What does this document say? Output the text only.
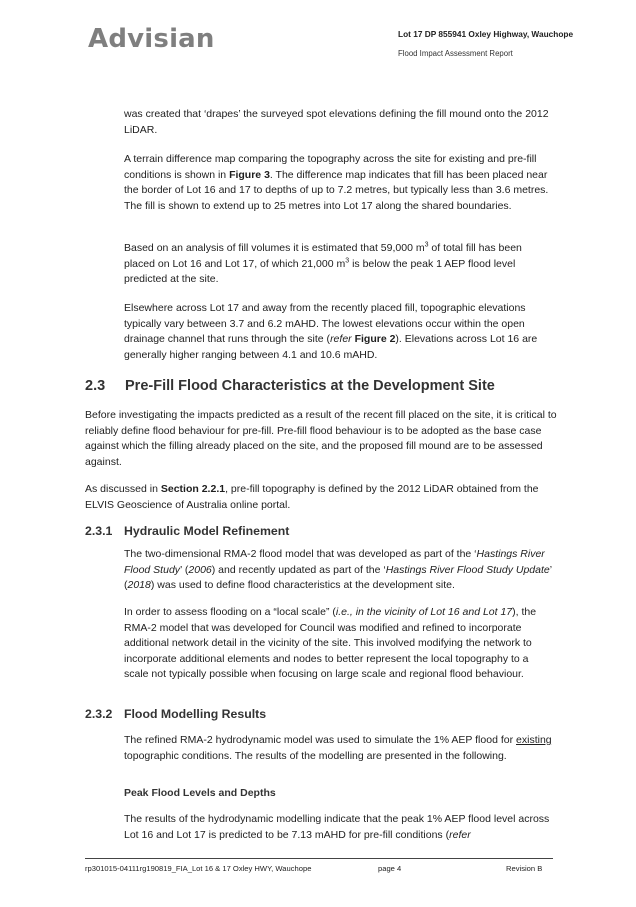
Advisian	Lot 17 DP 855941 Oxley Highway, Wauchope
Flood Impact Assessment Report

was created that ‘drapes’ the surveyed spot elevations defining the fill mound onto the 2012 LiDAR.

A terrain difference map comparing the topography across the site for existing and pre-fill conditions is shown in Figure 3. The difference map indicates that fill has been placed near the border of Lot 16 and 17 to depths of up to 7.2 metres, but typically less than 3.6 metres. The fill is shown to extend up to 25 metres into Lot 17 along the shared boundaries.

Based on an analysis of fill volumes it is estimated that 59,000 $m^3$ of total fill has been placed on Lot 16 and Lot 17, of which 21,000 $m^3$ is below the peak 1 AEP flood level predicted at the site.

Elsewhere across Lot 17 and away from the recently placed fill, topographic elevations typically vary between 3.7 and 6.2 mAHD. The lowest elevations occur within the open drainage channel that runs through the site (refer Figure 2). Elevations across Lot 16 are generally higher ranging between 4.1 and 10.6 mAHD.

2.3 Pre-Fill Flood Characteristics at the Development Site

Before investigating the impacts predicted as a result of the recent fill placed on the site, it is critical to reliably define flood behaviour for pre-fill. Pre-fill flood behaviour is to be adopted as the base case against which the filling already placed on the site, and the proposed fill mound are to be assessed against.

As discussed in Section 2.2.1, pre-fill topography is defined by the 2012 LiDAR obtained from the ELVIS Geoscience of Australia online portal.

2.3.1 Hydraulic Model Refinement

The two-dimensional RMA-2 flood model that was developed as part of the ‘Hastings River Flood Study’ (2006) and recently updated as part of the ‘Hastings River Flood Study Update’ (2018) was used to define flood characteristics at the development site.

In order to assess flooding on a “local scale” (i.e., in the vicinity of Lot 16 and Lot 17), the RMA-2 model that was developed for Council was modified and refined to incorporate additional network detail in the vicinity of the site. This involved modifying the network to incorporate additional elements and nodes to better represent the local topography to a scale not typically possible when focusing on large scale and regional flood behaviour.

2.3.2 Flood Modelling Results

The refined RMA-2 hydrodynamic model was used to simulate the 1% AEP flood for existing topographic conditions. The results of the modelling are presented in the following.

Peak Flood Levels and Depths

The results of the hydrodynamic modelling indicate that the peak 1% AEP flood level across Lot 16 and Lot 17 is predicted to be 7.13 mAHD for pre-fill conditions (refer

rp301015-04111rg190819_FIA_Lot 16 & 17 Oxley HWY, Wauchope	page 4	Revision B
